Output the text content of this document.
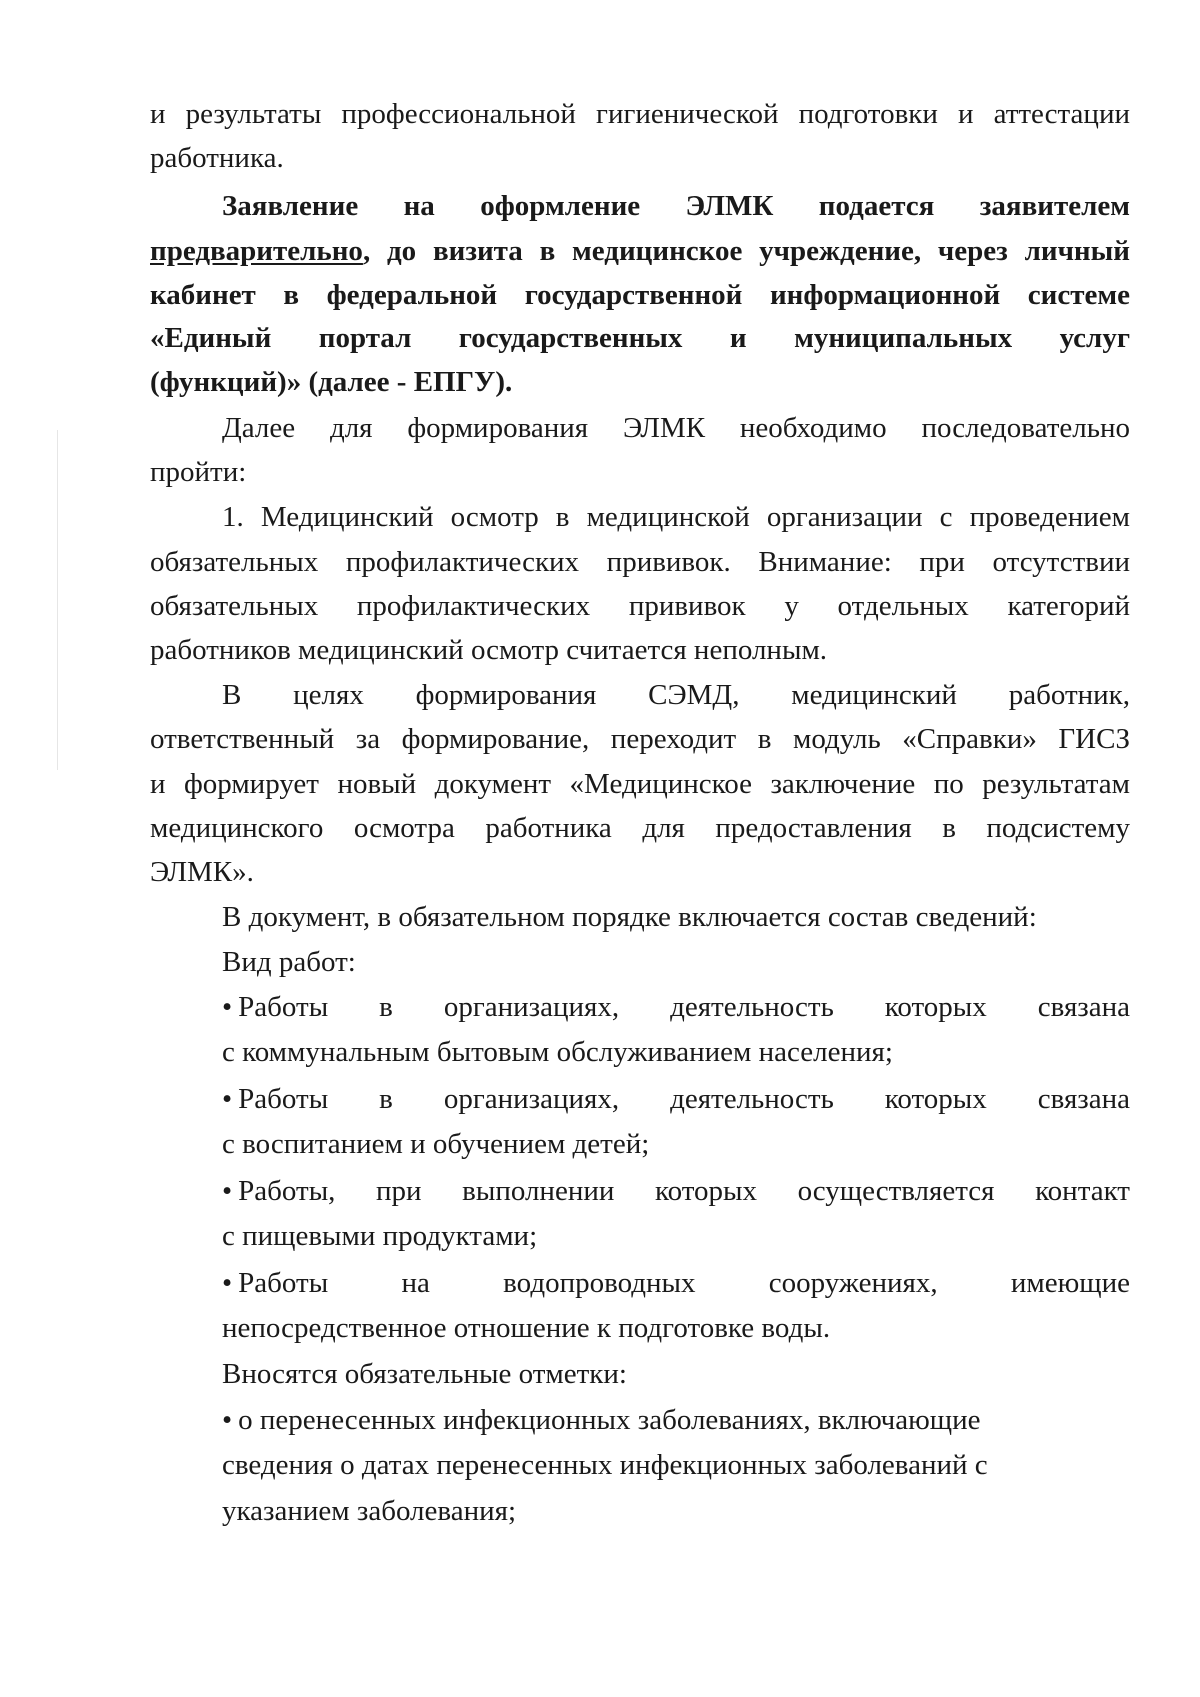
и результаты профессиональной гигиенической подготовки и аттестации
работника.
Заявление на оформление ЭЛМК подается заявителем
предварительно, до визита в медицинское учреждение, через личный
кабинет в федеральной государственной информационной системе
«Единый портал государственных и муниципальных услуг
(функций)» (далее - ЕПГУ).
Далее для формирования ЭЛМК необходимо последовательно
пройти:
1. Медицинский осмотр в медицинской организации с проведением
обязательных профилактических прививок. Внимание: при отсутствии
обязательных профилактических прививок у отдельных категорий
работников медицинский осмотр считается неполным.
В целях формирования СЭМД, медицинский работник,
ответственный за формирование, переходит в модуль «Справки» ГИСЗ
и формирует новый документ «Медицинское заключение по результатам
медицинского осмотра работника для предоставления в подсистему
ЭЛМК».
В документ, в обязательном порядке включается состав сведений:
Вид работ:
• Работы в организациях, деятельность которых связана
с коммунальным бытовым обслуживанием населения;
• Работы в организациях, деятельность которых связана
с воспитанием и обучением детей;
• Работы, при выполнении которых осуществляется контакт
с пищевыми продуктами;
• Работы на водопроводных сооружениях, имеющие
непосредственное отношение к подготовке воды.
Вносятся обязательные отметки:
• о перенесенных инфекционных заболеваниях, включающие
сведения о датах перенесенных инфекционных заболеваний с
указанием заболевания;
